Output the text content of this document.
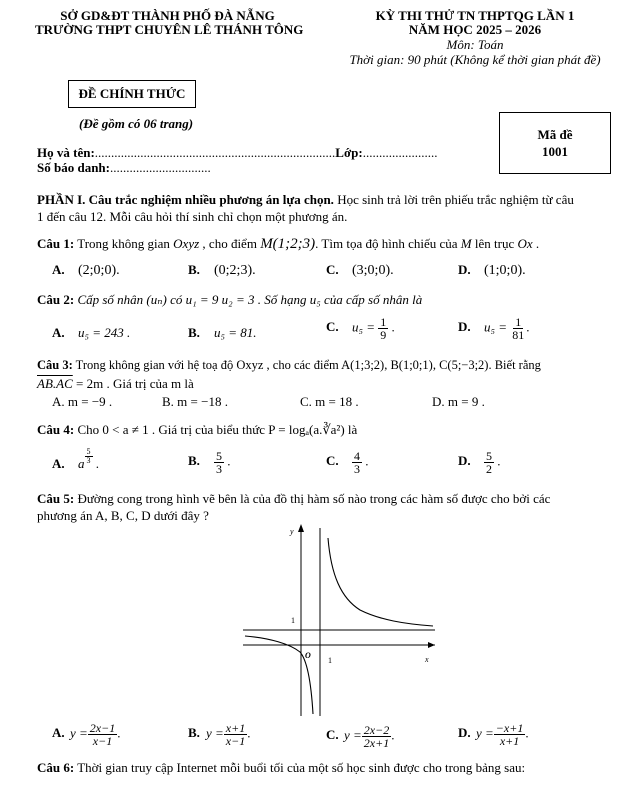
SỞ GD&ĐT THÀNH PHỐ ĐÀ NẴNG
TRƯỜNG THPT CHUYÊN LÊ THÁNH TÔNG
KỲ THI THỬ TN THPTQG LẦN 1
NĂM HỌC 2025 – 2026
Môn: Toán
Thời gian: 90 phút (Không kể thời gian phát đề)
ĐỀ CHÍNH THỨC
(Đề gồm có 06 trang)
Mã đề
1001
Họ và tên:..........................................................................Lớp:.......................
Số báo danh:...............................
PHẦN I. Câu trắc nghiệm nhiều phương án lựa chọn. Học sinh trả lời trên phiếu trắc nghiệm từ câu
1 đến câu 12. Mỗi câu hỏi thí sinh chỉ chọn một phương án.
Câu 1: Trong không gian Oxyz , cho điểm M(1;2;3). Tìm tọa độ hình chiếu của M lên trục Ox .
A. (2;0;0).	B. (0;2;3).	C. (3;0;0).	D. (1;0;0).
Câu 2: Cấp số nhân (uₙ) có u₁ = 9 u₂ = 3 . Số hạng u₅ của cấp số nhân là
A. u₅ = 243 .	B. u₅ = 81.	C. $u_5 = \frac{1}{9}$ .	D. $u_5 = \frac{1}{81}$ .
Câu 3: Trong không gian với hệ toạ độ Oxyz , cho các điểm A(1;3;2), B(1;0;1), C(5;−3;2). Biết rằng
AB.AC = 2m . Giá trị của m là
A. m = −9 .	B. m = −18 .	C. m = 18 .	D. m = 9 .
Câu 4: Cho 0 < a ≠ 1 . Giá trị của biểu thức P = logₐ(a.∛a²) là
A. a $\frac{5}{3}$ .	B. $\frac{5}{3}$ .	C. $\frac{4}{3}$ .	D. $\frac{5}{2}$ .
Câu 5: Đường cong trong hình vẽ bên là của đồ thị hàm số nào trong các hàm số được cho bởi các
phương án A, B, C, D dưới đây ?
y
x
O
1
1
A. $y = \frac{2x-1}{x-1}$ .	B. $y = \frac{x+1}{x-1}$ .	C. $y = \frac{2x-2}{2x+1}$ .	D. $y = \frac{-x+1}{x+1}$ .
Câu 6: Thời gian truy cập Internet mỗi buổi tối của một số học sinh được cho trong bảng sau:
